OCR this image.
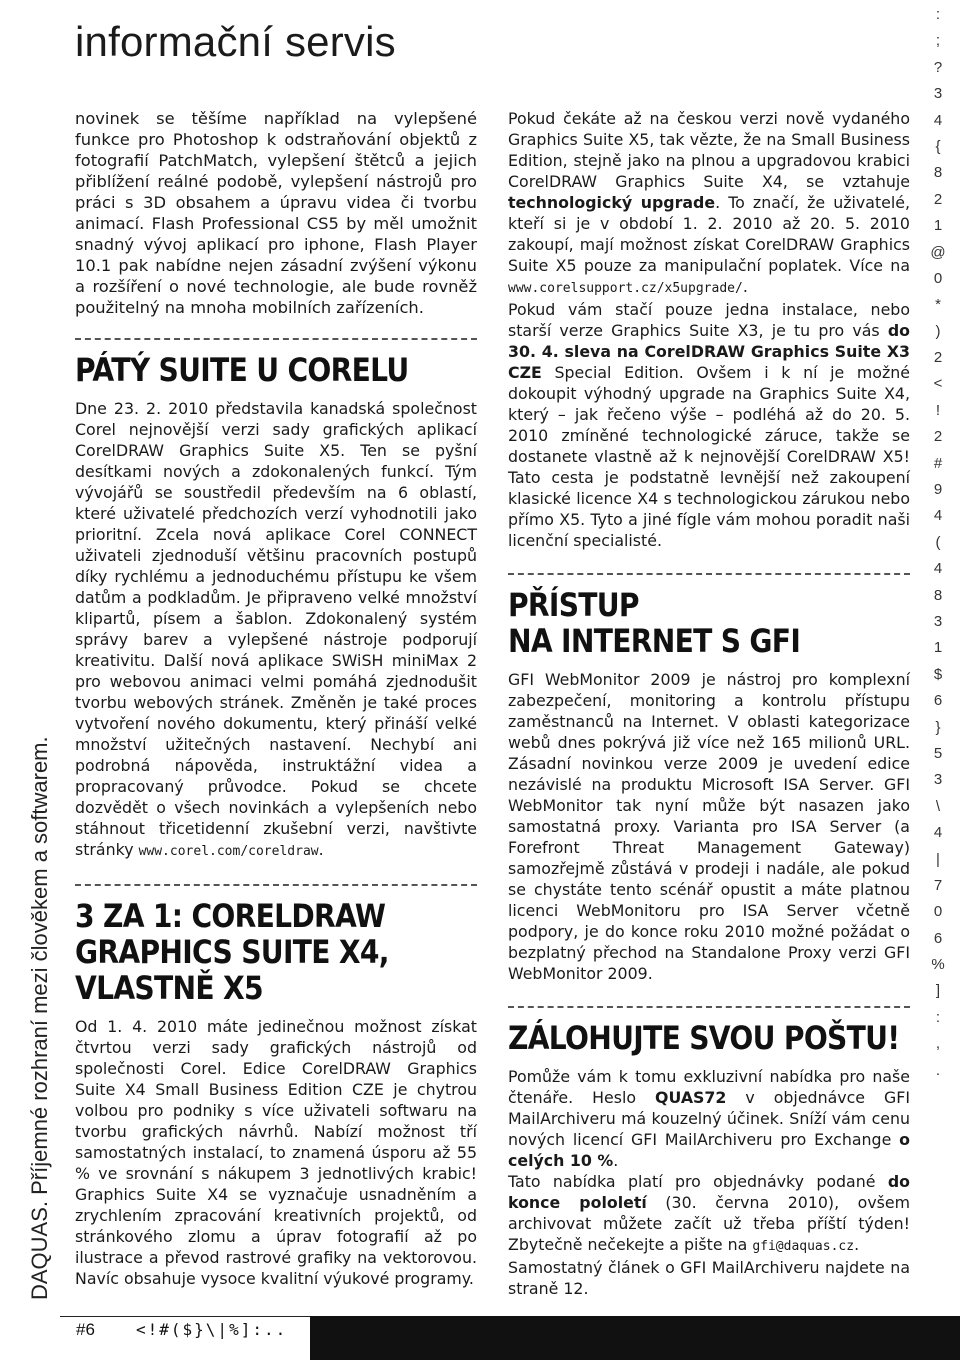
informační servis
DAQUAS. Příjemné rozhraní mezi člověkem a softwarem.
:
;
?
3
4
{
8
2
1
@
0
*
)
2
<
!
2
#
9
4
(
4
8
3
1
$
6
}
5
3
\
4
|
7
0
6
%
]
:
,
.

novinek se těšíme například na vylepšené funkce pro Photoshop k odstraňování objektů z fotografií PatchMatch, vylepšení štětců a jejich přiblížení reálné podobě, vylepšení nástrojů pro práci s 3D obsahem a úpravu videa či tvorbu animací. Flash Professional CS5 by měl umožnit snadný vývoj aplikací pro iphone, Flash Player 10.1 pak nabídne nejen zásadní zvýšení výkonu a rozšíření o nové technologie, ale bude rovněž použitelný na mnoha mobilních zařízeních.

PÁTÝ SUITE U CORELU

Dne 23. 2. 2010 představila kanadská společnost Corel nejnovější verzi sady grafických aplikací CorelDRAW Graphics Suite X5. Ten se pyšní desítkami nových a zdokonalených funkcí. Tým vývojářů se soustředil především na 6 oblastí, které uživatelé předchozích verzí vyhodnotili jako prioritní. Zcela nová aplikace Corel CONNECT uživateli zjednoduší většinu pracovních postupů díky rychlému a jednoduchému přístupu ke všem datům a podkladům. Je připraveno velké množství klipartů, písem a šablon. Zdokonalený systém správy barev a vylepšené nástroje podporují kreativitu. Další nová aplikace SWiSH miniMax 2 pro webovou animaci velmi pomáhá zjednodušit tvorbu webových stránek. Změněn je také proces vytvoření nového dokumentu, který přináší velké množství užitečných nastavení. Nechybí ani podrobná nápověda, instruktážní videa a propracovaný průvodce. Pokud se chcete dozvědět o všech novinkách a vylepšeních nebo stáhnout třicetidenní zkušební verzi, navštivte stránky www.corel.com/coreldraw.

3 ZA 1: CORELDRAW
GRAPHICS SUITE X4,
VLASTNĚ X5

Od 1. 4. 2010 máte jedinečnou možnost získat čtvrtou verzi sady grafických nástrojů od společnosti Corel. Edice CorelDRAW Graphics Suite X4 Small Business Edition CZE je chytrou volbou pro podniky s více uživateli softwaru na tvorbu grafických návrhů. Nabízí možnost tří samostatných instalací, to znamená úsporu až 55 % ve srovnání s nákupem 3 jednotlivých krabic! Graphics Suite X4 se vyznačuje usnadněním a zrychlením zpracování kreativních projektů, od stránkového zlomu a úprav fotografií až po ilustrace a převod rastrové grafiky na vektorovou. Navíc obsahuje vysoce kvalitní výukové programy.

Pokud čekáte až na českou verzi nově vydaného Graphics Suite X5, tak vězte, že na Small Business Edition, stejně jako na plnou a upgradovou krabici CorelDRAW Graphics Suite X4, se vztahuje technologický upgrade. To značí, že uživatelé, kteří si je v období 1. 2. 2010 až 20. 5. 2010 zakoupí, mají možnost získat CorelDRAW Graphics Suite X5 pouze za manipulační poplatek. Více na www.corelsupport.cz/x5upgrade/.

Pokud vám stačí pouze jedna instalace, nebo starší verze Graphics Suite X3, je tu pro vás do 30. 4. sleva na CorelDRAW Graphics Suite X3 CZE Special Edition. Ovšem i k ní je možné dokoupit výhodný upgrade na Graphics Suite X4, který – jak řečeno výše – podléhá až do 20. 5. 2010 zmíněné technologické záruce, takže se dostanete vlastně až k nejnovější CorelDRAW X5! Tato cesta je podstatně levnější než zakoupení klasické licence X4 s technologickou zárukou nebo přímo X5. Tyto a jiné fígle vám mohou poradit naši licenční specialisté.

PŘÍSTUP
NA INTERNET S GFI

GFI WebMonitor 2009 je nástroj pro komplexní zabezpečení, monitoring a kontrolu přístupu zaměstnanců na Internet. V oblasti kategorizace webů dnes pokrývá již více než 165 milionů URL. Zásadní novinkou verze 2009 je uvedení edice nezávislé na produktu Microsoft ISA Server. GFI WebMonitor tak nyní může být nasazen jako samostatná proxy. Varianta pro ISA Server (a Forefront Threat Management Gateway) samozřejmě zůstává v prodeji i nadále, ale pokud se chystáte tento scénář opustit a máte platnou licenci WebMonitoru pro ISA Server včetně podpory, je do konce roku 2010 možné požádat o bezplatný přechod na Standalone Proxy verzi GFI WebMonitor 2009.

ZÁLOHUJTE SVOU POŠTU!

Pomůže vám k tomu exkluzivní nabídka pro naše čtenáře. Heslo QUAS72 v objednávce GFI MailArchiveru má kouzelný účinek. Sníží vám cenu nových licencí GFI MailArchiveru pro Exchange o celých 10 %.

Tato nabídka platí pro objednávky podané do konce pololetí (30. června 2010), ovšem archivovat můžete začít už třeba příští týden! Zbytečně nečekejte a pište na gfi@daquas.cz.

Samostatný článek o GFI MailArchiveru najdete na straně 12.

#6	<!#($}\|%]:..
